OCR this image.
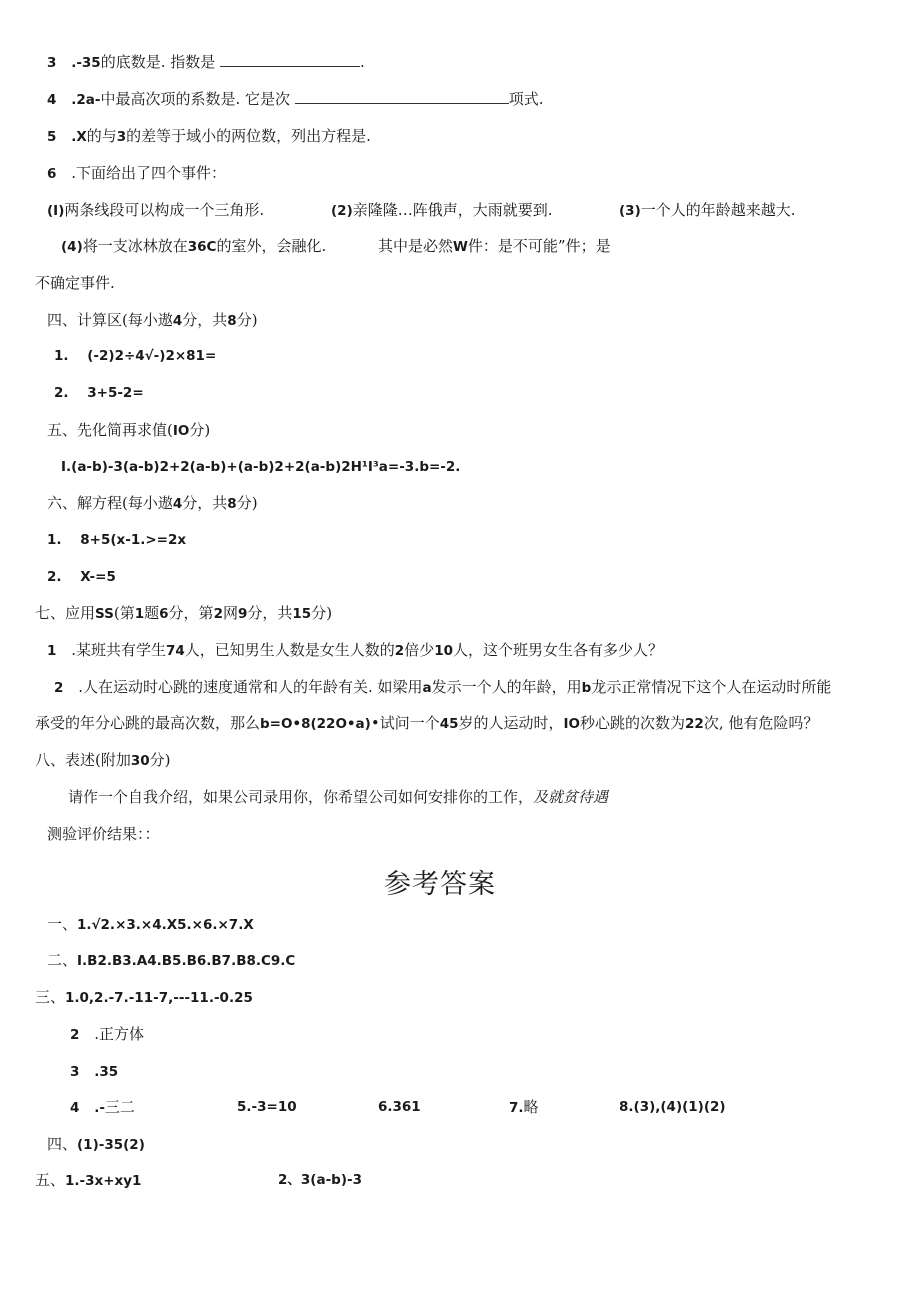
3 .-35的底数是. 指数是	.
4 .2a-中最高次项的系数是. 它是次	项式.
5 .X的与3的差等于域小的两位数，列出方程是.
6 .下面给出了四个事件：
(I)两条线段可以构成一个三角形.	(2)亲隆隆…阵俄声，大雨就要到.	(3)一个人的年龄越来越大.
(4)将一支冰林放在36C的室外，会融化.	其中是必然W件：是不可能”件；是
不确定事件.
四、计算区(每小遨4分，共8分)
1. (-2)2÷4√-)2×81=
2. 3+5-2=
五、先化简再求值(IO分)
I.(a-b)-3(a-b)2+2(a-b)+(a-b)2+2(a-b)2H¹I³a=-3.b=-2.
六、解方程(每小遨4分，共8分)
1. 8+5(x-1.>=2x
2. X-=5
七、应用SS(第1题6分，第2网9分，共15分)
1 .某班共有学生74人，已知男生人数是女生人数的2倍少10人，这个班男女生各有多少人？
2 .人在运动时心跳的速度通常和人的年龄有关. 如梁用a发示一个人的年龄，用b龙示正常情况下这个人在运动时所能
承受的年分心跳的最高次数，那么b=O•8(22O•a)•试问一个45岁的人运动时，IO秒心跳的次数为22次, 他有危险吗？
八、表述(附加30分)
请作一个自我介绍，如果公司录用你，你希望公司如何安排你的工作，及就贫待遇
测验评价结果：：
参考答案
一、1.√2.×3.×4.X5.×6.×7.X
二、I.B2.B3.A4.B5.B6.B7.B8.C9.C
三、1.0,2.-7.-11-7,---11.-0.25
2 .正方体
3 .35
4 .-三二	5.-3=10	6.361	7.略	8.(3),(4)(1)(2)
四、(1)-35(2)
五、1.-3x+xy1	2、3(a-b)-3
